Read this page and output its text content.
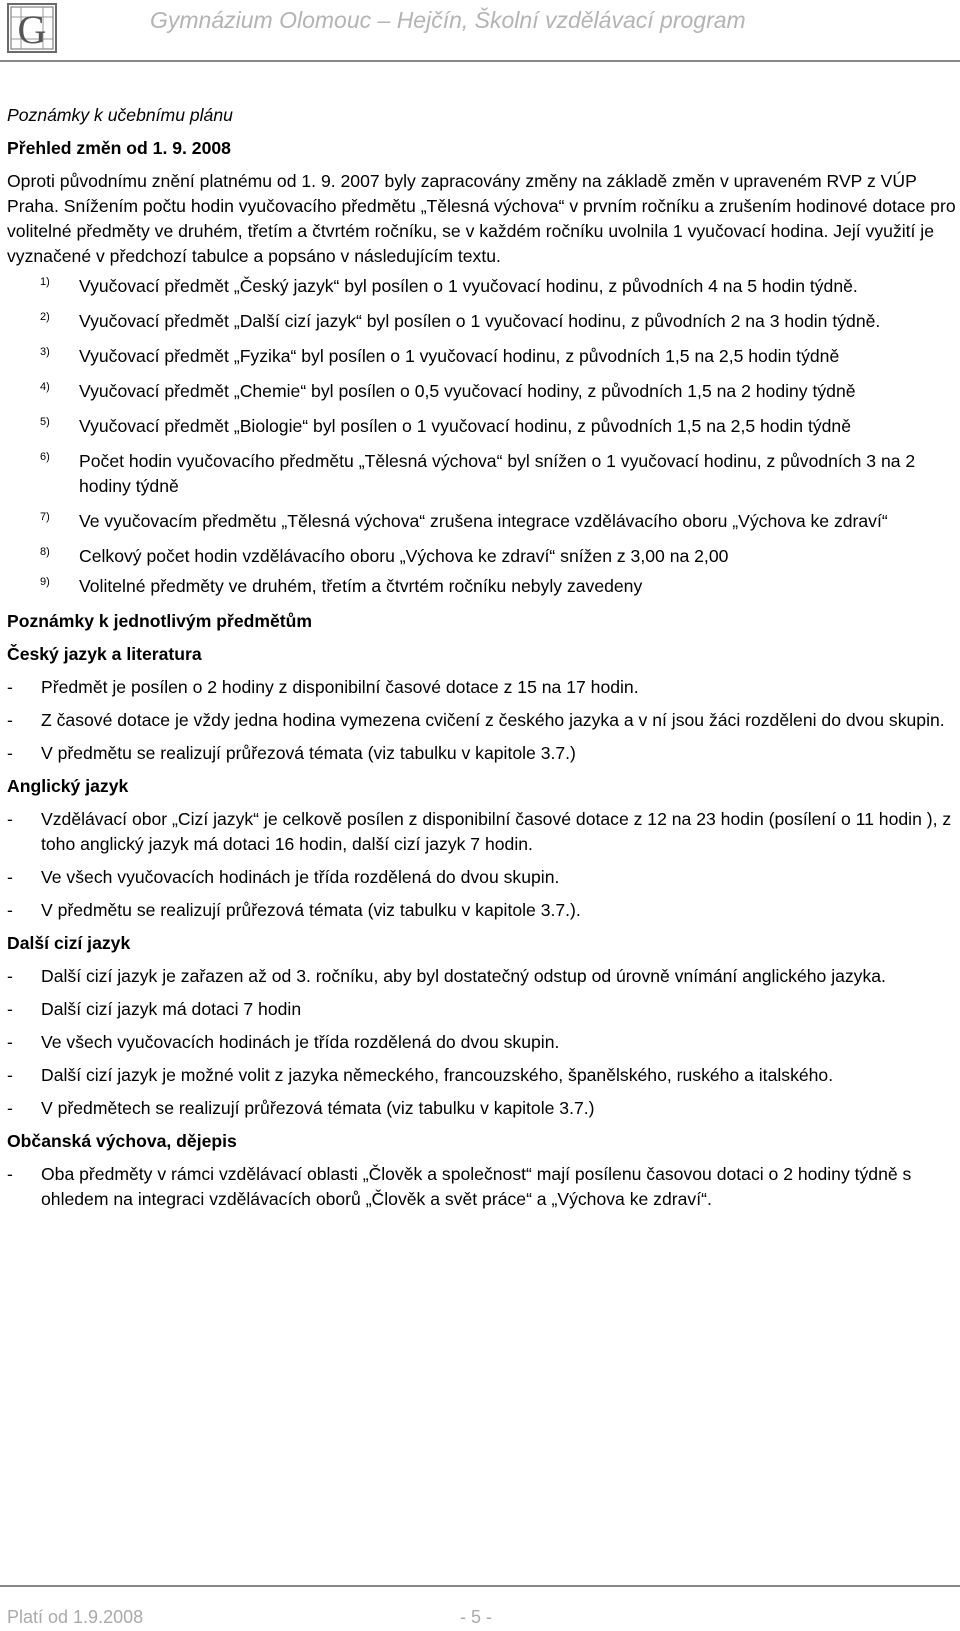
G	Gymnázium Olomouc – Hejčín, Školní vzdělávací program

Poznámky k učebnímu plánu

Přehled změn od 1. 9. 2008

Oproti původnímu znění platnému od 1. 9. 2007 byly zapracovány změny na základě změn v upraveném RVP z VÚP Praha. Snížením počtu hodin vyučovacího předmětu „Tělesná výchova“ v prvním ročníku a zrušením hodinové dotace pro volitelné předměty ve druhém, třetím a čtvrtém ročníku, se v každém ročníku uvolnila 1 vyučovací hodina. Její využití je vyznačené v předchozí tabulce a popsáno v následujícím textu.

1) Vyučovací předmět „Český jazyk“ byl posílen o 1 vyučovací hodinu, z původních 4 na 5 hodin týdně.
2) Vyučovací předmět „Další cizí jazyk“ byl posílen o 1 vyučovací hodinu, z původních 2 na 3 hodin týdně.
3) Vyučovací předmět „Fyzika“ byl posílen o 1 vyučovací hodinu, z původních 1,5 na 2,5 hodin týdně
4) Vyučovací předmět „Chemie“ byl posílen o 0,5 vyučovací hodiny, z původních 1,5 na 2 hodiny týdně
5) Vyučovací předmět „Biologie“ byl posílen o 1 vyučovací hodinu, z původních 1,5 na 2,5 hodin týdně
6) Počet hodin vyučovacího předmětu „Tělesná výchova“ byl snížen o 1 vyučovací hodinu, z původních 3 na 2 hodiny týdně
7) Ve vyučovacím předmětu „Tělesná výchova“ zrušena integrace vzdělávacího oboru „Výchova ke zdraví“
8) Celkový počet hodin vzdělávacího oboru „Výchova ke zdraví“ snížen z 3,00 na 2,00
9) Volitelné předměty ve druhém, třetím a čtvrtém ročníku nebyly zavedeny

Poznámky k jednotlivým předmětům

Český jazyk a literatura

- Předmět je posílen o 2 hodiny z disponibilní časové dotace z 15 na 17 hodin.
- Z časové dotace je vždy jedna hodina vymezena cvičení z českého jazyka a v ní jsou žáci rozděleni do dvou skupin.
- V předmětu se realizují průřezová témata (viz tabulku v kapitole 3.7.)

Anglický jazyk

- Vzdělávací obor „Cizí jazyk“ je celkově posílen z disponibilní časové dotace z 12 na 23 hodin (posílení o 11 hodin ), z toho anglický jazyk má dotaci 16 hodin, další cizí jazyk 7 hodin.
- Ve všech vyučovacích hodinách je třída rozdělená do dvou skupin.
- V předmětu se realizují průřezová témata (viz tabulku v kapitole 3.7.).

Další cizí jazyk

- Další cizí jazyk je zařazen až od 3. ročníku, aby byl dostatečný odstup od úrovně vnímání anglického jazyka.
- Další cizí jazyk má dotaci 7 hodin
- Ve všech vyučovacích hodinách je třída rozdělená do dvou skupin.
- Další cizí jazyk je možné volit z jazyka německého, francouzského, španělského, ruského a italského.
- V předmětech se realizují průřezová témata (viz tabulku v kapitole 3.7.)

Občanská výchova, dějepis

- Oba předměty v rámci vzdělávací oblasti „Člověk a společnost“ mají posílenu časovou dotaci o 2 hodiny týdně s ohledem na integraci vzdělávacích oborů „Člověk a svět práce“ a „Výchova ke zdraví“.
Platí od 1.9.2008	- 5 -
